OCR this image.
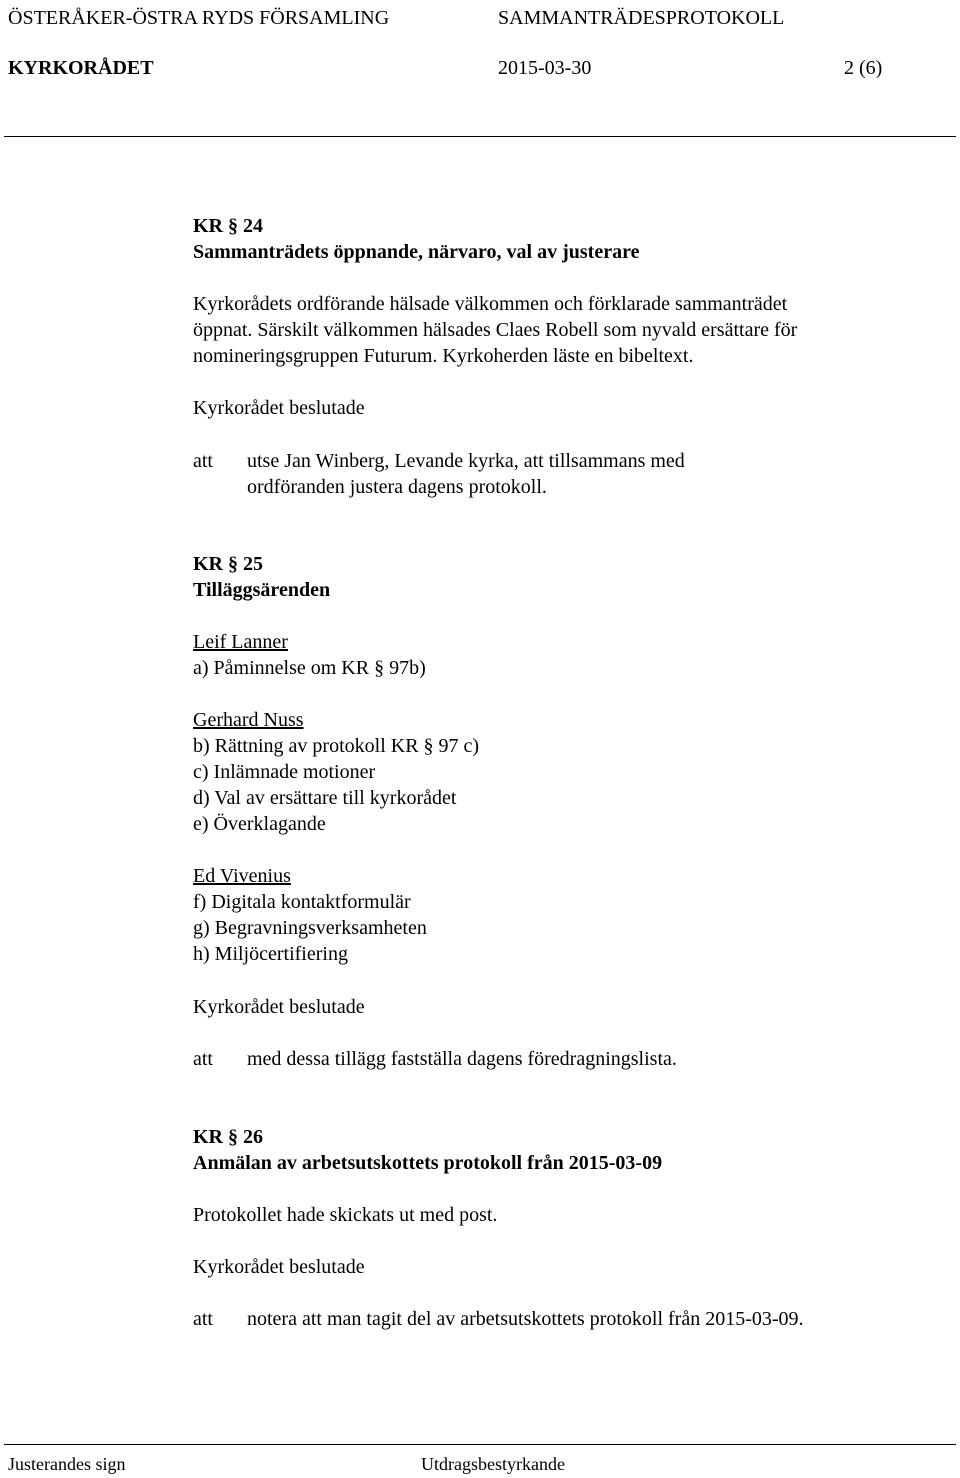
ÖSTERÅKER-ÖSTRA RYDS FÖRSAMLING	SAMMANTRÄDESPROTOKOLL
KYRKORÅDET	2015-03-30	2 (6)
KR § 24
Sammanträdets öppnande, närvaro, val av justerare
Kyrkorådets ordförande hälsade välkommen och förklarade sammanträdet
öppnat. Särskilt välkommen hälsades Claes Robell som nyvald ersättare för
nomineringsgruppen Futurum. Kyrkoherden läste en bibeltext.
Kyrkorådet beslutade
att utse Jan Winberg, Levande kyrka, att tillsammans med
ordföranden justera dagens protokoll.
KR § 25
Tilläggsärenden
Leif Lanner
a) Påminnelse om KR § 97b)
Gerhard Nuss
b) Rättning av protokoll KR § 97 c)
c) Inlämnade motioner
d) Val av ersättare till kyrkorådet
e) Överklagande
Ed Vivenius
f) Digitala kontaktformulär
g) Begravningsverksamheten
h) Miljöcertifiering
Kyrkorådet beslutade
att med dessa tillägg fastställa dagens föredragningslista.
KR § 26
Anmälan av arbetsutskottets protokoll från 2015-03-09
Protokollet hade skickats ut med post.
Kyrkorådet beslutade
att notera att man tagit del av arbetsutskottets protokoll från 2015-03-09.
Justerandes sign	Utdragsbestyrkande
